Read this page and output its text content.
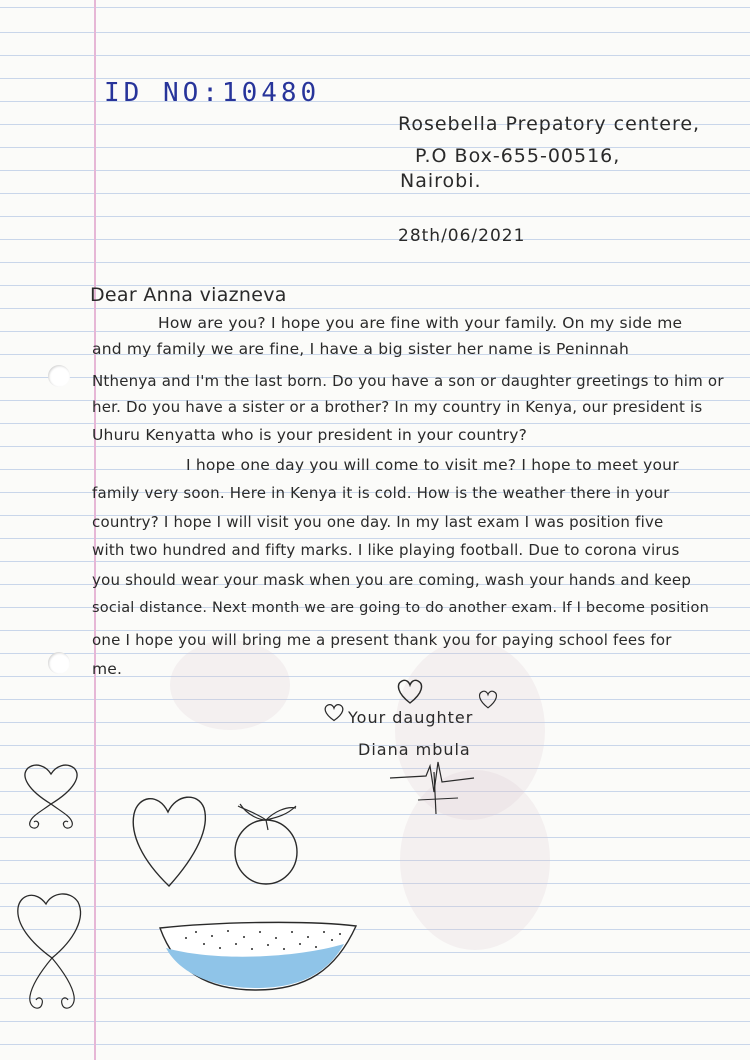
ID NO:10480
Rosebella Prepatory centere,
P.O Box-655-00516,
Nairobi.
28th/06/2021
Dear Anna viazneva
How are you? I hope you are fine with your family. On my side me
and my family we are fine, I have a big sister her name is Peninnah
Nthenya and I'm the last born. Do you have a son or daughter greetings to him or
her. Do you have a sister or a brother? In my country in Kenya, our president is
Uhuru Kenyatta who is your president in your country?
I hope one day you will come to visit me? I hope to meet your
family very soon. Here in Kenya it is cold. How is the weather there in your
country? I hope I will visit you one day. In my last exam I was position five
with two hundred and fifty marks. I like playing football. Due to corona virus
you should wear your mask when you are coming, wash your hands and keep
social distance. Next month we are going to do another exam. If I become position
one I hope you will bring me a present thank you for paying school fees for
me.
Your daughter
Diana mbula
